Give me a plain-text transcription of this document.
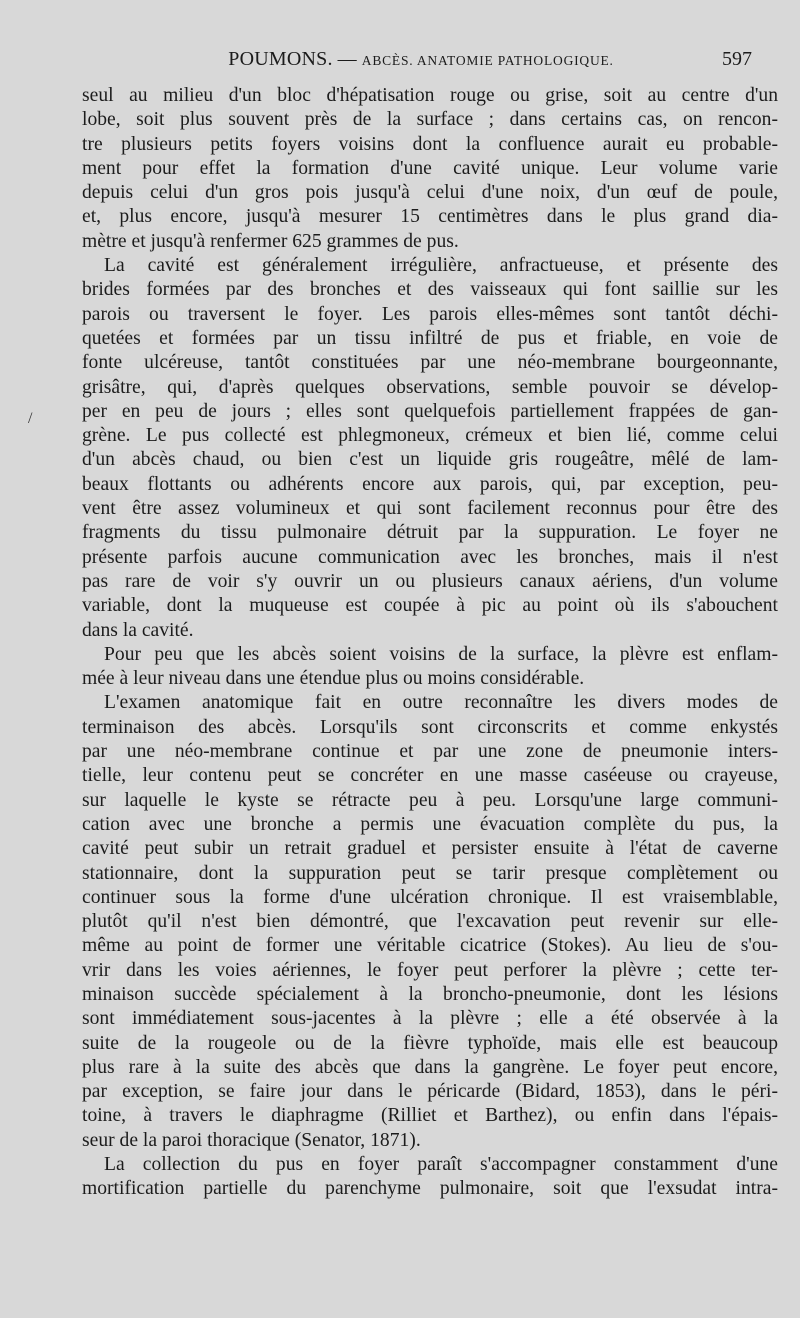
POUMONS. — ABCÈS. ANATOMIE PATHOLOGIQUE.	597
/
seul au milieu d'un bloc d'hépatisation rouge ou grise, soit au centre d'un
lobe, soit plus souvent près de la surface ; dans certains cas, on rencon-
tre plusieurs petits foyers voisins dont la confluence aurait eu probable-
ment pour effet la formation d'une cavité unique. Leur volume varie
depuis celui d'un gros pois jusqu'à celui d'une noix, d'un œuf de poule,
et, plus encore, jusqu'à mesurer 15 centimètres dans le plus grand dia-
mètre et jusqu'à renfermer 625 grammes de pus.
La cavité est généralement irrégulière, anfractueuse, et présente des
brides formées par des bronches et des vaisseaux qui font saillie sur les
parois ou traversent le foyer. Les parois elles-mêmes sont tantôt déchi-
quetées et formées par un tissu infiltré de pus et friable, en voie de
fonte ulcéreuse, tantôt constituées par une néo-membrane bourgeonnante,
grisâtre, qui, d'après quelques observations, semble pouvoir se dévelop-
per en peu de jours ; elles sont quelquefois partiellement frappées de gan-
grène. Le pus collecté est phlegmoneux, crémeux et bien lié, comme celui
d'un abcès chaud, ou bien c'est un liquide gris rougeâtre, mêlé de lam-
beaux flottants ou adhérents encore aux parois, qui, par exception, peu-
vent être assez volumineux et qui sont facilement reconnus pour être des
fragments du tissu pulmonaire détruit par la suppuration. Le foyer ne
présente parfois aucune communication avec les bronches, mais il n'est
pas rare de voir s'y ouvrir un ou plusieurs canaux aériens, d'un volume
variable, dont la muqueuse est coupée à pic au point où ils s'abouchent
dans la cavité.
Pour peu que les abcès soient voisins de la surface, la plèvre est enflam-
mée à leur niveau dans une étendue plus ou moins considérable.
L'examen anatomique fait en outre reconnaître les divers modes de
terminaison des abcès. Lorsqu'ils sont circonscrits et comme enkystés
par une néo-membrane continue et par une zone de pneumonie inters-
tielle, leur contenu peut se concréter en une masse caséeuse ou crayeuse,
sur laquelle le kyste se rétracte peu à peu. Lorsqu'une large communi-
cation avec une bronche a permis une évacuation complète du pus, la
cavité peut subir un retrait graduel et persister ensuite à l'état de caverne
stationnaire, dont la suppuration peut se tarir presque complètement ou
continuer sous la forme d'une ulcération chronique. Il est vraisemblable,
plutôt qu'il n'est bien démontré, que l'excavation peut revenir sur elle-
même au point de former une véritable cicatrice (Stokes). Au lieu de s'ou-
vrir dans les voies aériennes, le foyer peut perforer la plèvre ; cette ter-
minaison succède spécialement à la broncho-pneumonie, dont les lésions
sont immédiatement sous-jacentes à la plèvre ; elle a été observée à la
suite de la rougeole ou de la fièvre typhoïde, mais elle est beaucoup
plus rare à la suite des abcès que dans la gangrène. Le foyer peut encore,
par exception, se faire jour dans le péricarde (Bidard, 1853), dans le péri-
toine, à travers le diaphragme (Rilliet et Barthez), ou enfin dans l'épais-
seur de la paroi thoracique (Senator, 1871).
La collection du pus en foyer paraît s'accompagner constamment d'une
mortification partielle du parenchyme pulmonaire, soit que l'exsudat intra-
